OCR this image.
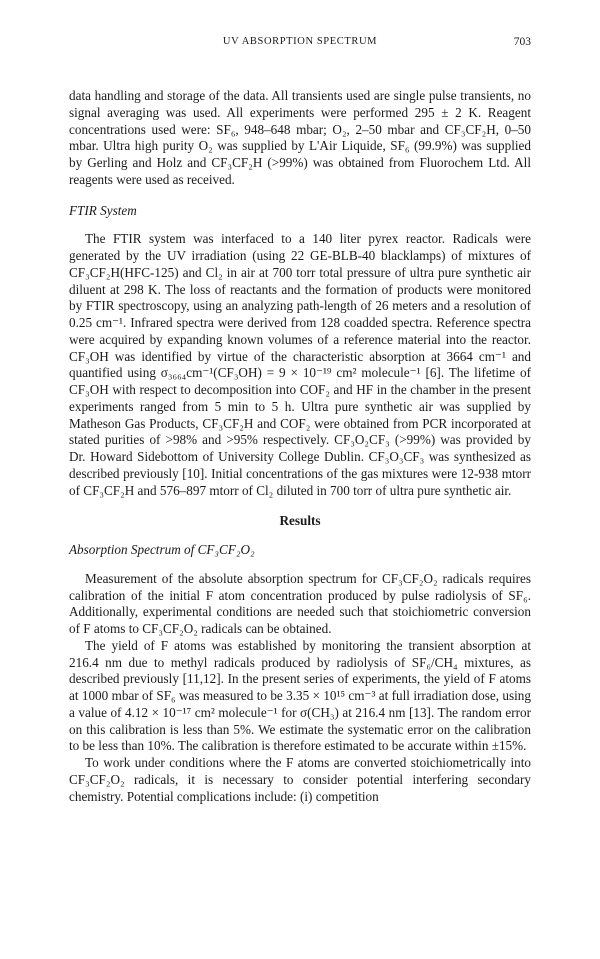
UV ABSORPTION SPECTRUM	703

data handling and storage of the data. All transients used are single pulse transients, no signal averaging was used. All experiments were performed 295 ± 2 K. Reagent concentrations used were: SF₆, 948–648 mbar; O₂, 2–50 mbar and CF₃CF₂H, 0–50 mbar. Ultra high purity O₂ was supplied by L'Air Liquide, SF₆ (99.9%) was supplied by Gerling and Holz and CF₃CF₂H (>99%) was obtained from Fluorochem Ltd. All reagents were used as received.

FTIR System

The FTIR system was interfaced to a 140 liter pyrex reactor. Radicals were generated by the UV irradiation (using 22 GE-BLB-40 blacklamps) of mixtures of CF₃CF₂H(HFC-125) and Cl₂ in air at 700 torr total pressure of ultra pure synthetic air diluent at 298 K. The loss of reactants and the formation of products were monitored by FTIR spectroscopy, using an analyzing path-length of 26 meters and a resolution of 0.25 cm⁻¹. Infrared spectra were derived from 128 coadded spectra. Reference spectra were acquired by expanding known volumes of a reference material into the reactor. CF₃OH was identified by virtue of the characteristic absorption at 3664 cm⁻¹ and quantified using σ₃₆₆₄cm⁻¹(CF₃OH) = 9 × 10⁻¹⁹ cm² molecule⁻¹ [6]. The lifetime of CF₃OH with respect to decomposition into COF₂ and HF in the chamber in the present experiments ranged from 5 min to 5 h. Ultra pure synthetic air was supplied by Matheson Gas Products, CF₃CF₂H and COF₂ were obtained from PCR incorporated at stated purities of >98% and >95% respectively. CF₃O₂CF₃ (>99%) was provided by Dr. Howard Sidebottom of University College Dublin. CF₃O₃CF₃ was synthesized as described previously [10]. Initial concentrations of the gas mixtures were 12-938 mtorr of CF₃CF₂H and 576–897 mtorr of Cl₂ diluted in 700 torr of ultra pure synthetic air.

Results
Absorption Spectrum of CF₃CF₂O₂

Measurement of the absolute absorption spectrum for CF₃CF₂O₂ radicals requires calibration of the initial F atom concentration produced by pulse radiolysis of SF₆. Additionally, experimental conditions are needed such that stoichiometric conversion of F atoms to CF₃CF₂O₂ radicals can be obtained.

The yield of F atoms was established by monitoring the transient absorption at 216.4 nm due to methyl radicals produced by radiolysis of SF₆/CH₄ mixtures, as described previously [11,12]. In the present series of experiments, the yield of F atoms at 1000 mbar of SF₆ was measured to be 3.35 × 10¹⁵ cm⁻³ at full irradiation dose, using a value of 4.12 × 10⁻¹⁷ cm² molecule⁻¹ for σ(CH₃) at 216.4 nm [13]. The random error on this calibration is less than 5%. We estimate the systematic error on the calibration to be less than 10%. The calibration is therefore estimated to be accurate within ±15%.

To work under conditions where the F atoms are converted stoichiometrically into CF₃CF₂O₂ radicals, it is necessary to consider potential interfering secondary chemistry. Potential complications include: (i) competition
